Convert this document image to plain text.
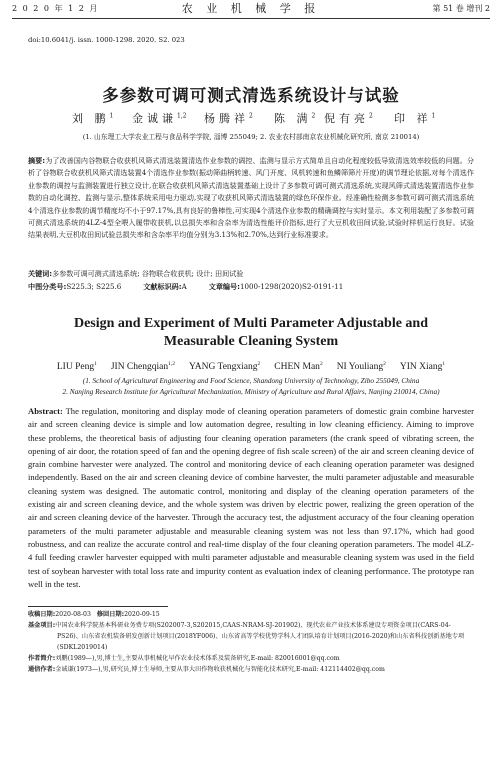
2 0 2 0 年 1 2 月	农 业 机 械 学 报	第 51 卷 增刊 2
doi:10.6041/j. issn. 1000-1298. 2020. S2. 023
多参数可调可测式清选系统设计与试验
刘 鹏$^1$ 金诚谦$^{1,2}$ 杨腾祥$^2$ 陈 满$^2$ 倪有亮$^2$ 印 祥$^1$
(1. 山东理工大学农业工程与食品科学学院, 淄博 255049; 2. 农业农村部南京农业机械化研究所, 南京 210014)
摘要:为了改善国内谷物联合收获机风筛式清选装置清选作业参数的调控、监测与显示方式简单且自动化程度较低导致清选效率较低的问题。分析了谷物联合收获机风筛式清选装置4个清选作业参数(振动筛曲柄转速、风门开度、风机转速和鱼鳞筛筛片开度)的调节理论依据,对每个清选作业参数的调控与监测装置进行独立设计,在联合收获机风筛式清选装置基础上设计了多参数可调可测式清选系统,实现风筛式清选装置清选作业参数的自动化调控、监测与显示,整体系统采用电力驱动,实现了收获机风筛式清选装置的绿色环保作业。经准确性检测多参数可调可测式清选系统4个清选作业参数的调节精度均不小于97.17%,具有良好的鲁棒性,可实现4个清选作业参数的精确调控与实时显示。本文利用装配了多参数可调可测式清选系统的4LZ-4型全喂入履带收获机,以总损失率和含杂率为清选性能评价指标,进行了大豆机收田间试验,试验时样机运行良好。试验结果表明,大豆机收田间试验总损失率和含杂率平均值分别为3.13%和2.70%,达到行业标准要求。
关键词:多参数可调可测式清选系统; 谷物联合收获机; 设计; 田间试验
中图分类号:S225.3; S225.6	文献标识码:A	文章编号:1000-1298(2020)S2-0191-11
Design and Experiment of Multi Parameter Adjustable and
Measurable Cleaning System
LIU Peng$^1$ JIN Chengqian$^{1,2}$ YANG Tengxiang$^2$ CHEN Man$^2$ NI Youliang$^2$ YIN Xiang$^1$
(1. School of Agricultural Engineering and Food Science, Shandong University of Technology, Zibo 255049, China
2. Nanjing Research Institute for Agricultural Mechanization, Ministry of Agriculture and Rural Affairs, Nanjing 210014, China)
Abstract: The regulation, monitoring and display mode of cleaning operation parameters of domestic grain combine harvester air and screen cleaning device is simple and low automation degree, resulting in low cleaning efficiency. Aiming to improve these problems, the theoretical basis of adjusting four cleaning operation parameters (the crank speed of vibrating screen, the opening of air door, the rotation speed of fan and the opening degree of fish scale screen) of the air and screen cleaning device of grain combine harvester were analyzed. The control and monitoring device of each cleaning operation parameter was designed independently. Based on the air and screen cleaning device of combine harvester, the multi parameter adjustable and measurable cleaning system was designed. The automatic control, monitoring and display of the cleaning operation parameters of the existing air and screen cleaning device, and the whole system was driven by electric power, realizing the green operation of the air and screen cleaning device of the harvester. Through the accuracy test, the adjustment accuracy of the four cleaning operation parameters of the multi parameter adjustable and measurable cleaning system was not less than 97.17%, which had good robustness, and can realize the accurate control and real-time display of the four cleaning operation parameters. The model 4LZ-4 full feeding crawler harvester equipped with multi parameter adjustable and measurable cleaning system was used in the field test of soybean harvester with total loss rate and impurity content as evaluation index of cleaning performance. The prototype ran well in the test.
收稿日期:2020-08-03 修回日期:2020-09-15
基金项目:中国农业科学院基本科研业务费专项(S202007-3,S202015,CAAS-NRAM-SJ-201902)、现代农业产业技术体系建设专项资金项目(CARS-04-PS26)、山东省农机装备研发创新计划项目(2018YF006)、山东省高等学校优势学科人才团队培育计划项目(2016-2020)和山东省科技创新基地专项(SDKL2019014)
作者简介:刘鹏(1989—),男,博士生,主要从事机械化早作农业技术体系及装备研究,E-mail: 820016001@qq.com
通信作者:金诚谦(1973—),男,研究员,博士生导师,主要从事大田作物收获机械化与智能化技术研究,E-mail: 412114402@qq.com
